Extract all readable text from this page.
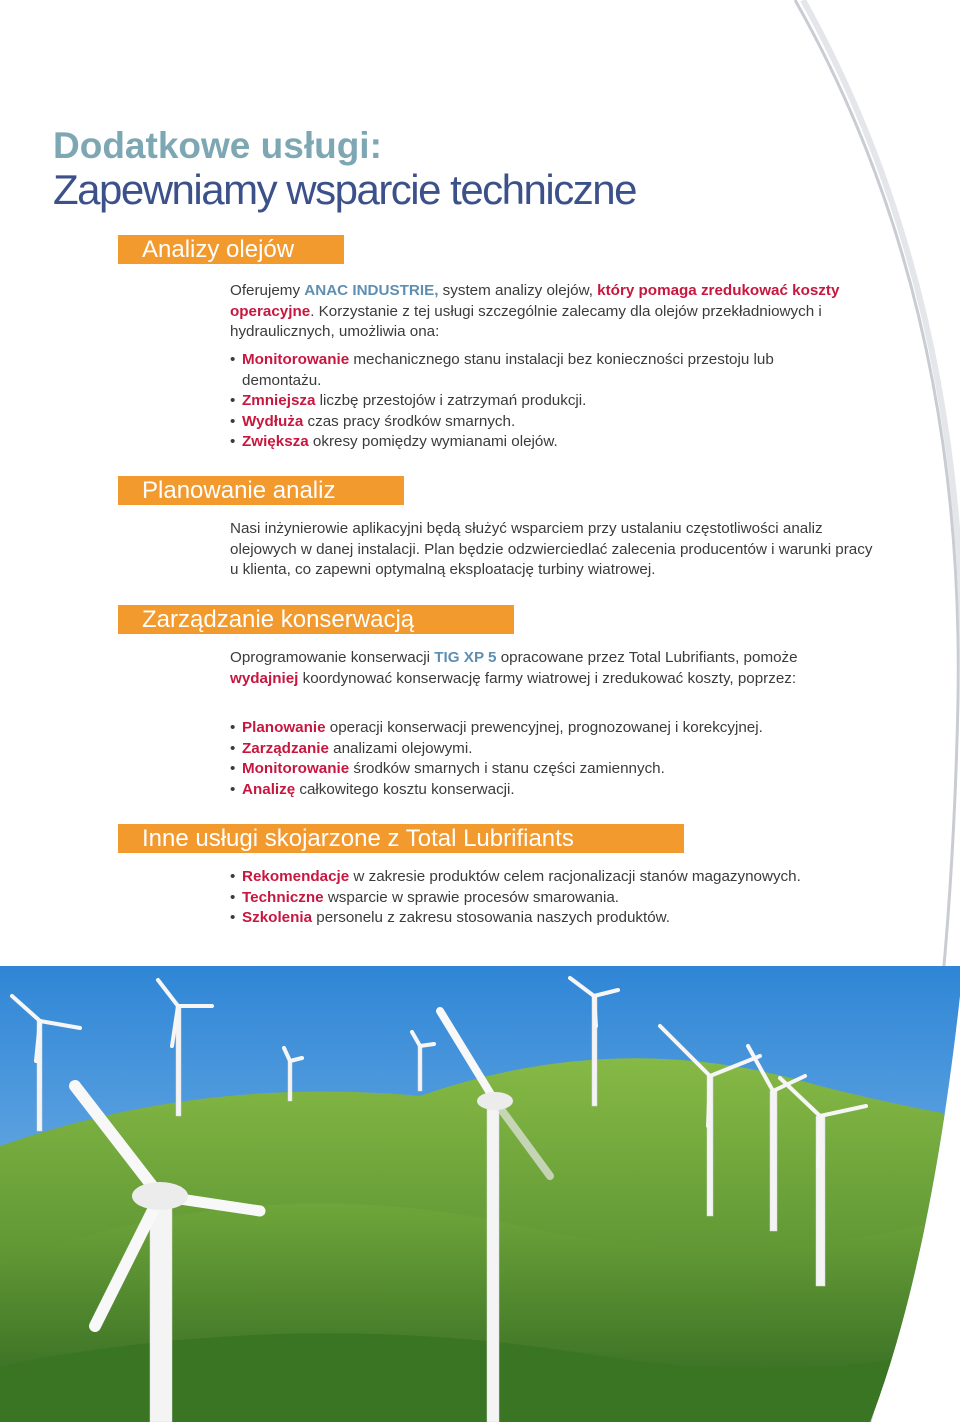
Dodatkowe usługi:
Zapewniamy wsparcie techniczne
Analizy olejów

Oferujemy ANAC INDUSTRIE, system analizy olejów, który pomaga zredukować koszty operacyjne. Korzystanie z tej usługi szczególnie zalecamy dla olejów przekładniowych i hydraulicznych, umożliwia ona:

• Monitorowanie mechanicznego stanu instalacji bez konieczności przestoju lub demontażu.
• Zmniejsza liczbę przestojów i zatrzymań produkcji.
• Wydłuża czas pracy środków smarnych.
• Zwiększa okresy pomiędzy wymianami olejów.
Planowanie analiz

Nasi inżynierowie aplikacyjni będą służyć wsparciem przy ustalaniu częstotliwości analiz olejowych w danej instalacji. Plan będzie odzwierciedlać zalecenia producentów i warunki pracy u klienta, co zapewni optymalną eksploatację turbiny wiatrowej.

Zarządzanie konserwacją

Oprogramowanie konserwacji TIG XP 5 opracowane przez Total Lubrifiants, pomoże wydajniej koordynować konserwację farmy wiatrowej i zredukować koszty, poprzez:

• Planowanie operacji konserwacji prewencyjnej, prognozowanej i korekcyjnej.
• Zarządzanie analizami olejowymi.
• Monitorowanie środków smarnych i stanu części zamiennych.
• Analizę całkowitego kosztu konserwacji.
Inne usługi skojarzone z Total Lubrifiants
• Rekomendacje w zakresie produktów celem racjonalizacji stanów magazynowych.
• Techniczne wsparcie w sprawie procesów smarowania.
• Szkolenia personelu z zakresu stosowania naszych produktów.
